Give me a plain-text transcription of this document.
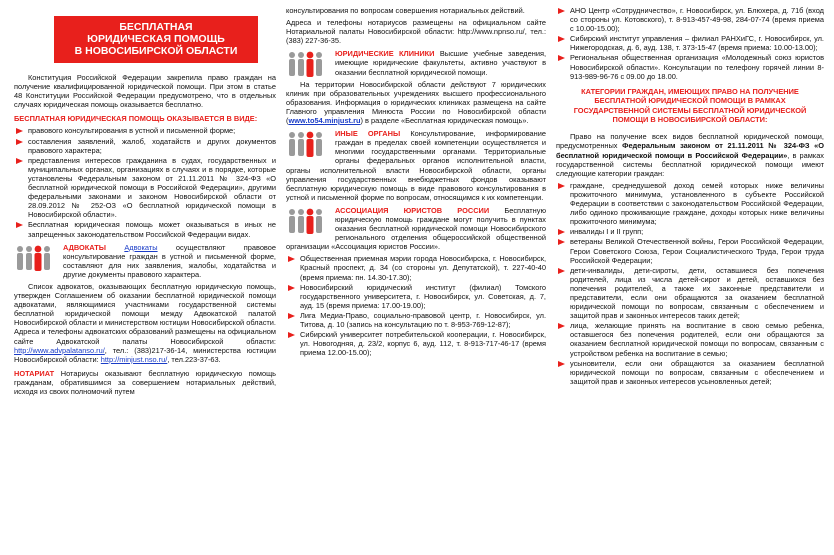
БЕСПЛАТНАЯ
ЮРИДИЧЕСКАЯ ПОМОЩЬ
В НОВОСИБИРСКОЙ ОБЛАСТИ

Конституция Российской Федерации закрепила право граждан на получение квалифицированной юридической помощи. При этом в статье 48 Конституции Российской Федерации предусмотрено, что в отдельных случаях юридическая помощь оказывается бесплатно.

БЕСПЛАТНАЯ ЮРИДИЧЕСКАЯ ПОМОЩЬ ОКАЗЫВАЕТСЯ В ВИДЕ:

правового консультирования в устной и письменной форме;
составления заявлений, жалоб, ходатайств и других документов правового характера;
представления интересов гражданина в судах, государственных и муниципальных органах, организациях в случаях и в порядке, которые установлены Федеральным законом от 21.11.2011 № 324-ФЗ «О бесплатной юридической помощи в Российской Федерации», другими федеральными законами и законом Новосибирской области от 28.09.2012 № 252-ОЗ «О бесплатной юридической помощи в Новосибирской области».
Бесплатная юридическая помощь может оказываться в иных не запрещенных законодательством Российской Федерации видах.

АДВОКАТЫ Адвокаты осуществляют правовое консультирование граждан в устной и письменной форме, составляют для них заявления, жалобы, ходатайства и другие документы правового характера.

Список адвокатов, оказывающих бесплатную юридическую помощь, утвержден Соглашением об оказании бесплатной юридической помощи адвокатами, являющимися участниками государственной системы бесплатной юридической помощи между Адвокатской палатой Новосибирской области и министерством юстиции Новосибирской области. Адреса и телефоны адвокатских образований размещены на официальном сайте Адвокатской палаты Новосибирской области: http://www.advpalatanso.ru/, тел.: (383)217-36-14, министерства юстиции Новосибирской области: http://minjust.nso.ru/, тел.223-37-63.

НОТАРИАТ Нотариусы оказывают бесплатную юридическую помощь гражданам, обратившимся за совершением нотариальных действий, исходя из своих полномочий путем

консультирования по вопросам совершения нотариальных действий.

Адреса и телефоны нотариусов размещены на официальном сайте Нотариальной палаты Новосибирской области: http://www.npnso.ru/, тел.: (383) 227-36-35.

ЮРИДИЧЕСКИЕ КЛИНИКИ Высшие учебные заведения, имеющие юридические факультеты, активно участвуют в оказании бесплатной юридической помощи.

На территории Новосибирской области действуют 7 юридических клиник при образовательных учреждениях высшего профессионального образования. Информация о юридических клиниках размещена на сайте Главного управления Минюста России по Новосибирской области (www.to54.minjust.ru) в разделе «Бесплатная юридическая помощь».

ИНЫЕ ОРГАНЫ Консультирование, информирование граждан в пределах своей компетенции осуществляется и многими государственными органами. Территориальные органы федеральных органов исполнительной власти, органы исполнительной власти Новосибирской области, органы управления государственных внебюджетных фондов оказывают бесплатную юридическую помощь в виде правового консультирования в устной и письменной форме по вопросам, относящимся к их компетенции.

АССОЦИАЦИЯ ЮРИСТОВ РОССИИ Бесплатную юридическую помощь граждане могут получить в пунктах оказания бесплатной юридической помощи Новосибирского регионального отделения общероссийской общественной организации «Ассоциация юристов России».

Общественная приемная мэрии города Новосибирска, г. Новосибирск, Красный проспект, д. 34 (со стороны ул. Депутатской), т. 227-40-40 (время приема: пн. 14.30-17.30);
Новосибирский юридический институт (филиал) Томского государственного университета, г. Новосибирск, ул. Советская, д. 7, ауд. 15 (время приема: 17.00-19.00);
Лига Медиа-Право, социально-правовой центр, г. Новосибирск, ул. Титова, д. 10 (запись на консультацию по т. 8-953-769-12-87);
Сибирский университет потребительской кооперации, г. Новосибирск, ул. Новогодняя, д. 23/2, корпус 6, ауд. 112, т. 8-913-717-46-17 (время приема 12.00-15.00);
АНО Центр «Сотрудничество», г. Новосибирск, ул. Блюхера, д. 71б (вход со стороны ул. Котовского), т. 8-913-457-49-98, 284-07-74 (время приема с 10.00-15.00);
Сибирский институт управления – филиал РАНХиГС, г. Новосибирск, ул. Нижегородская, д. 6, ауд. 138, т. 373-15-47 (время приема: 10.00-13.00);
Региональная общественная организация «Молодежный союз юристов Новосибирской области». Консультации по телефону горячей линии 8-913-989-96-76 с 09.00 до 18.00.

КАТЕГОРИИ ГРАЖДАН, ИМЕЮЩИХ ПРАВО НА ПОЛУЧЕНИЕ БЕСПЛАТНОЙ ЮРИДИЧЕСКОЙ ПОМОЩИ В РАМКАХ ГОСУДАРСТВЕННОЙ СИСТЕМЫ БЕСПЛАТНОЙ ЮРИДИЧЕСКОЙ ПОМОЩИ В НОВОСИБИРСКОЙ ОБЛАСТИ:

Право на получение всех видов бесплатной юридической помощи, предусмотренных Федеральным законом от 21.11.2011 № 324-ФЗ «О бесплатной юридической помощи в Российской Федерации», в рамках государственной системы бесплатной юридической помощи имеют следующие категории граждан:

граждане, среднедушевой доход семей которых ниже величины прожиточного минимума, установленного в субъекте Российской Федерации в соответствии с законодательством Российской Федерации, либо одиноко проживающие граждане, доходы которых ниже величины прожиточного минимума;
инвалиды I и II групп;
ветераны Великой Отечественной войны, Герои Российской Федерации, Герои Советского Союза, Герои Социалистического Труда, Герои труда Российской Федерации;
дети-инвалиды, дети-сироты, дети, оставшиеся без попечения родителей, лица из числа детей-сирот и детей, оставшихся без попечения родителей, а также их законные представители и представители, если они обращаются за оказанием бесплатной юридической помощи по вопросам, связанным с обеспечением и защитой прав и законных интересов таких детей;
лица, желающие принять на воспитание в свою семью ребенка, оставшегося без попечения родителей, если они обращаются за оказанием бесплатной юридической помощи по вопросам, связанным с устройством ребенка на воспитание в семью;
усыновители, если они обращаются за оказанием бесплатной юридической помощи по вопросам, связанным с обеспечением и защитой прав и законных интересов усыновленных детей;
